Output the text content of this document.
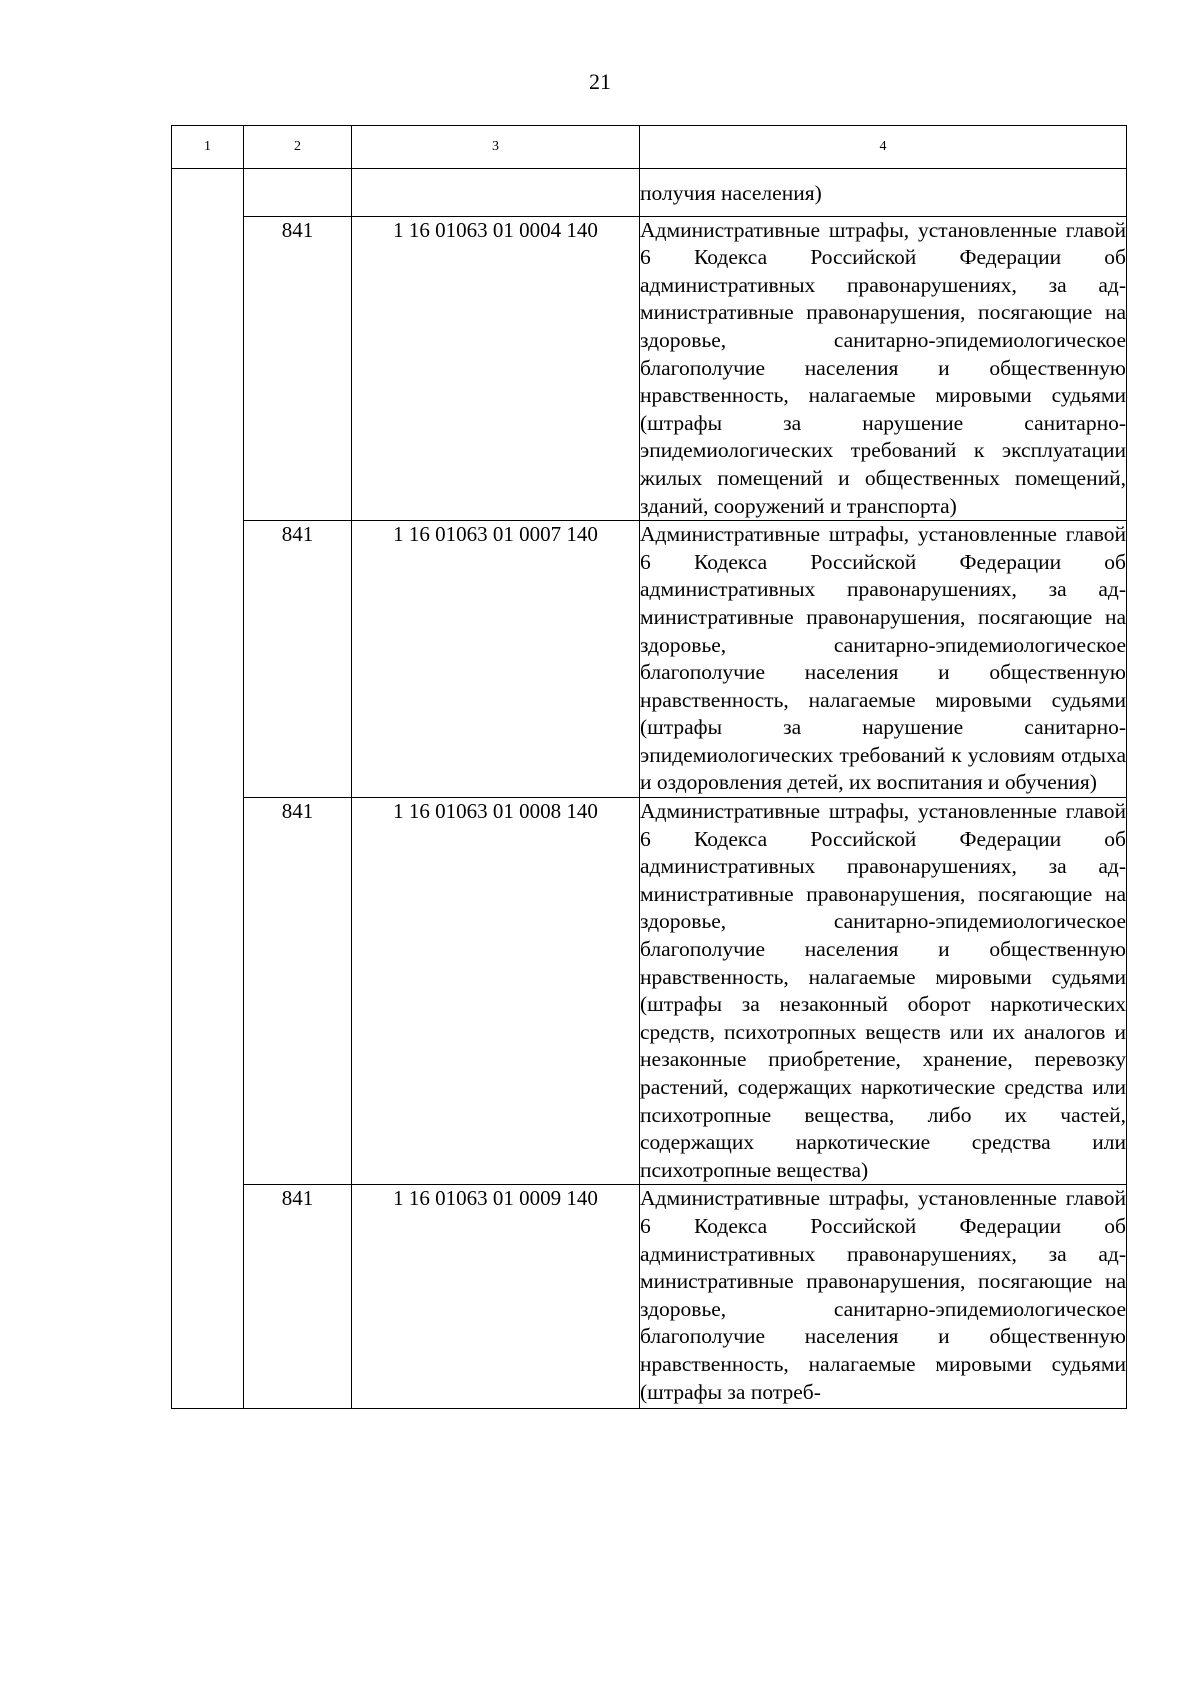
21
1	2	3	4
			получия населения)
	841	1 16 01063 01 0004 140	Административные штрафы, установленные главой 6 Кодекса Российской Федерации об административных правонарушениях, за административные правонарушения, посягающие на здоровье, санитарно-эпидемиологическое благополучие населения и общественную нравственность, налагаемые мировыми судьями (штрафы за нарушение санитарно-эпидемиологических требований к эксплуатации жилых помещений и общественных помещений, зданий, сооружений и транспорта)
	841	1 16 01063 01 0007 140	Административные штрафы, установленные главой 6 Кодекса Российской Федерации об административных правонарушениях, за административные правонарушения, посягающие на здоровье, санитарно-эпидемиологическое благополучие населения и общественную нравственность, налагаемые мировыми судьями (штрафы за нарушение санитарно-эпидемиологических требований к условиям отдыха и оздоровления детей, их воспитания и обучения)
	841	1 16 01063 01 0008 140	Административные штрафы, установленные главой 6 Кодекса Российской Федерации об административных правонарушениях, за административные правонарушения, посягающие на здоровье, санитарно-эпидемиологическое благополучие населения и общественную нравственность, налагаемые мировыми судьями (штрафы за незаконный оборот наркотических средств, психотропных веществ или их аналогов и незаконные приобретение, хранение, перевозку растений, содержащих наркотические средства или психотропные вещества, либо их частей, содержащих наркотические средства или психотропные вещества)
	841	1 16 01063 01 0009 140	Административные штрафы, установленные главой 6 Кодекса Российской Федерации об административных правонарушениях, за административные правонарушения, посягающие на здоровье, санитарно-эпидемиологическое благополучие населения и общественную нравственность, налагаемые мировыми судьями (штрафы за потреб-
